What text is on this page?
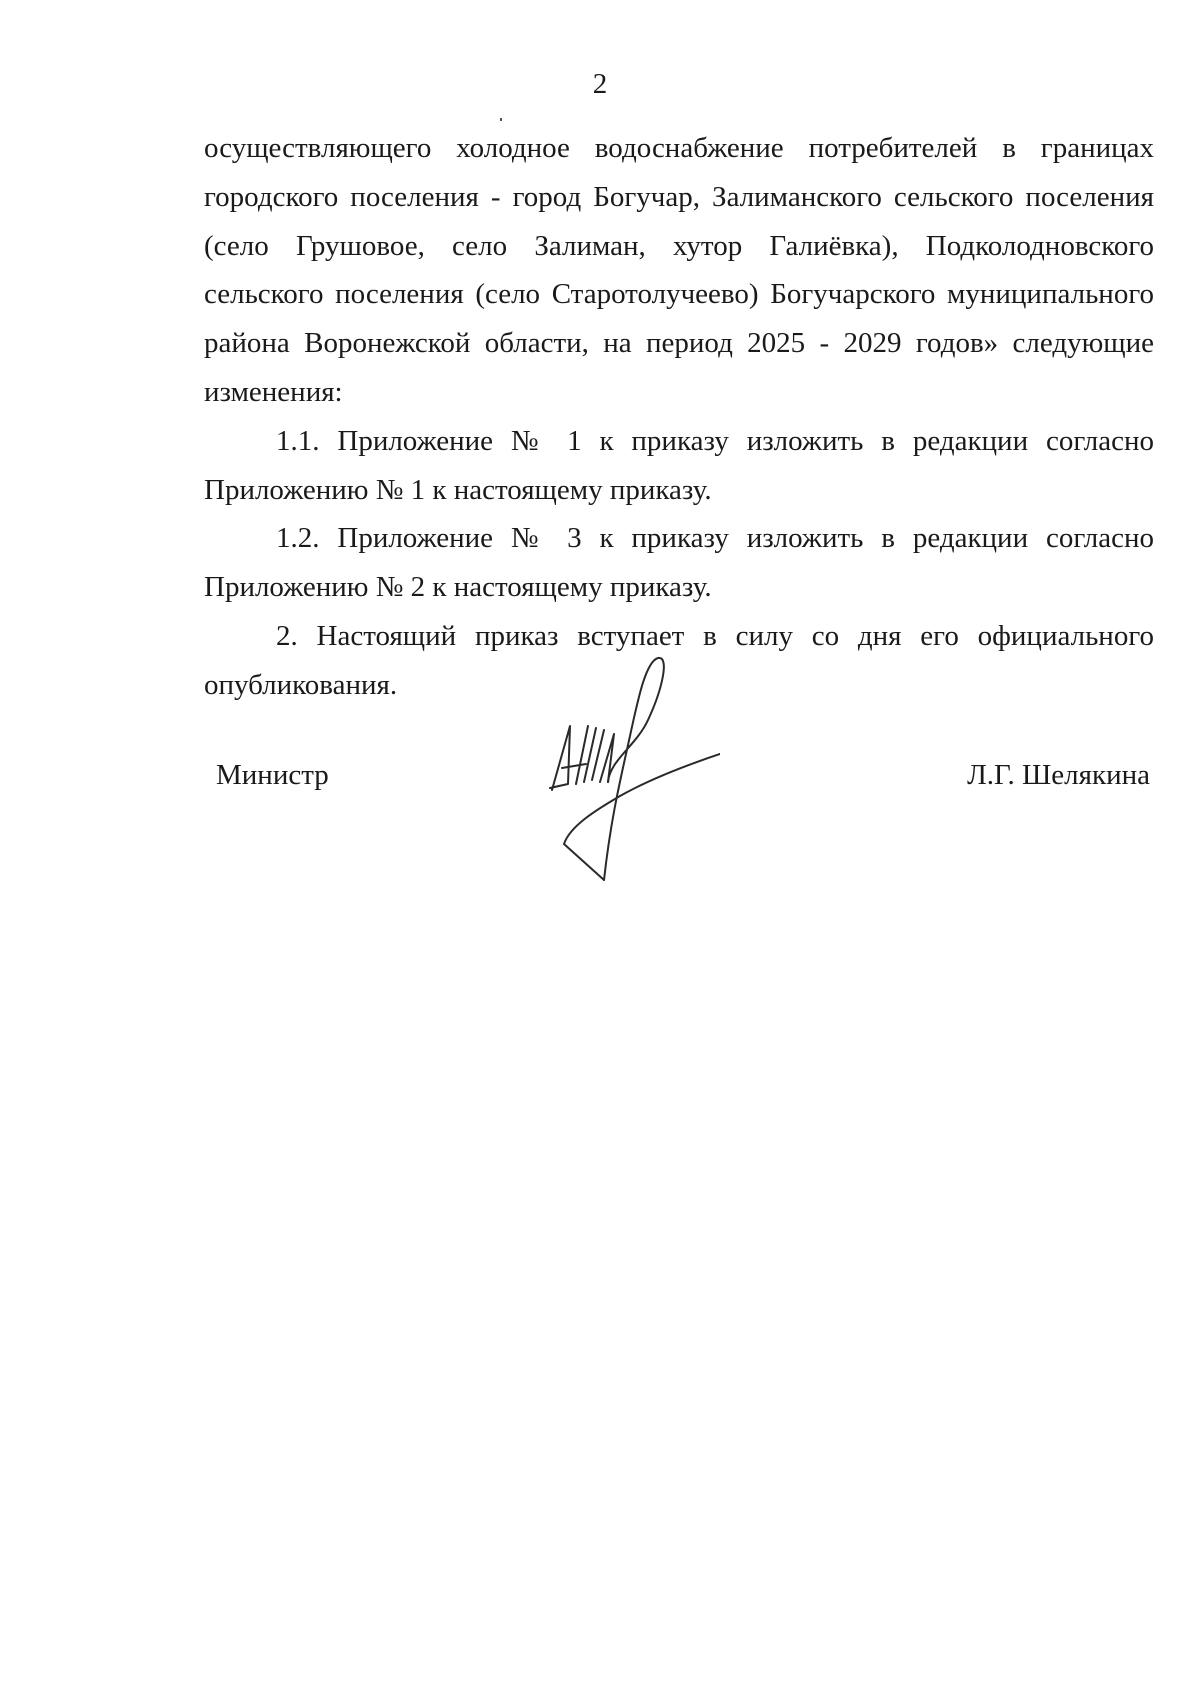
2

осуществляющего холодное водоснабжение потребителей в границах городского поселения - город Богучар, Залиманского сельского поселения (село Грушовое, село Залиман, хутор Галиёвка), Подколодновского сельского поселения (село Старотолучеево) Богучарского муниципального района Воронежской области, на период 2025 - 2029 годов» следующие изменения:

1.1. Приложение № 1 к приказу изложить в редакции согласно Приложению № 1 к настоящему приказу.

1.2. Приложение № 3 к приказу изложить в редакции согласно Приложению № 2 к настоящему приказу.

2. Настоящий приказ вступает в силу со дня его официального опубликования.

Министр	Л.Г. Шелякина
